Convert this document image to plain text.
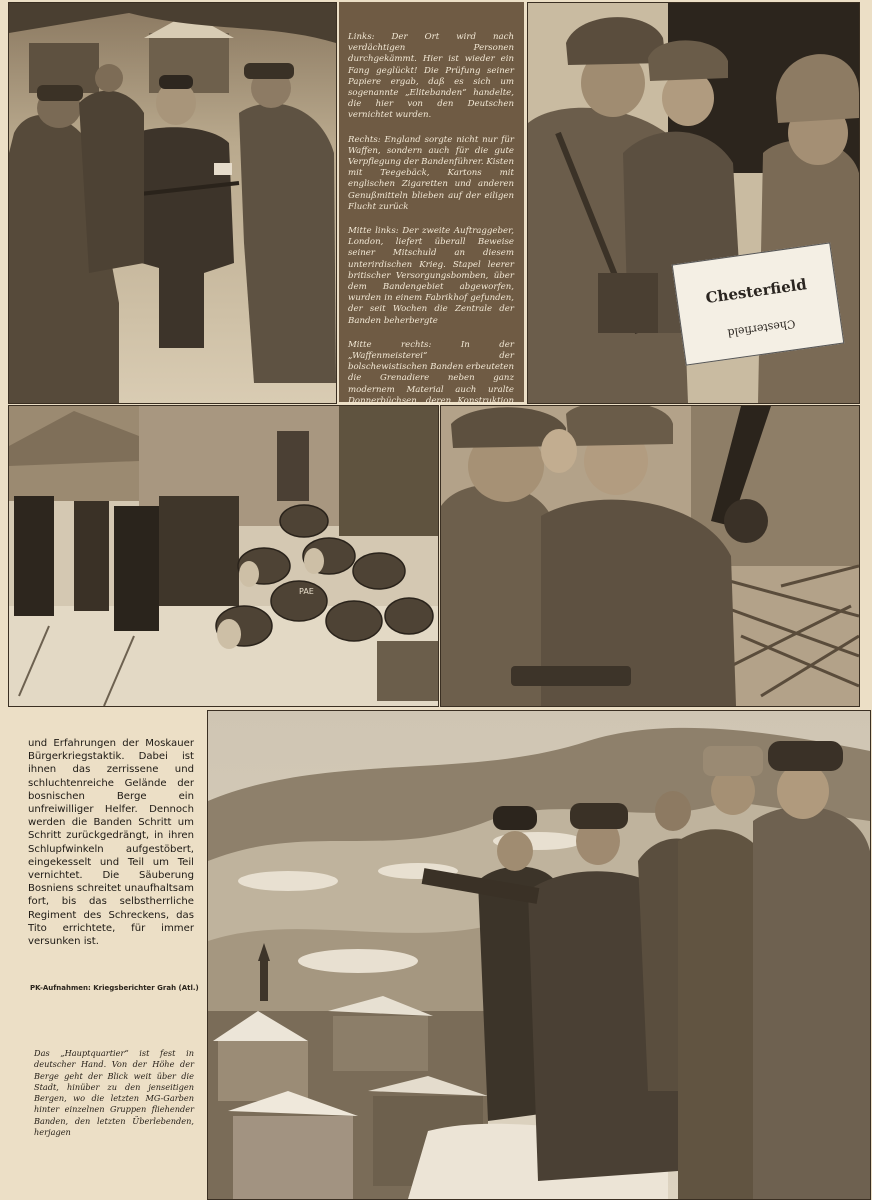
Links: Der Ort wird nach verdächtigen Personen durchgekämmt. Hier ist wieder ein Fang geglückt! Die Prüfung seiner Papiere ergab, daß es sich um sogenannte „Elitebanden“ handelte, die hier von den Deutschen vernichtet wurden.

Rechts: England sorgte nicht nur für Waffen, sondern auch für die gute Verpflegung der Bandenführer. Kisten mit Teegebäck, Kartons mit englischen Zigaretten und anderen Genußmitteln blieben auf der eiligen Flucht zurück

Mitte links: Der zweite Auftraggeber, London, liefert überall Beweise seiner Mitschuld an diesem unterirdischen Krieg. Stapel leerer britischer Versorgungsbomben, über dem Bandengebiet abgeworfen, wurden in einem Fabrikhof gefunden, der seit Wochen die Zentrale der Banden beherbergte

Mitte rechts: In der „Waffenmeisterei“ der bolschewistischen Banden erbeuteten die Grenadiere neben ganz modernem Material auch uralte Donnerbüchsen, deren Konstruktion

Chesterfield
Chesterfield
PAE
und Erfahrungen der Moskauer Bürgerkriegstaktik. Dabei ist ihnen das zerrissene und schluchtenreiche Gelände der bosnischen Berge ein unfreiwilliger Helfer. Dennoch werden die Banden Schritt um Schritt zurückgedrängt, in ihren Schlupfwinkeln aufgestöbert, eingekesselt und Teil um Teil vernichtet. Die Säuberung Bosniens schreitet unaufhaltsam fort, bis das selbstherrliche Regiment des Schreckens, das Tito errichtete, für immer versunken ist.
PK-Aufnahmen: Kriegsberichter Grah (Atl.)
Das „Hauptquartier“ ist fest in deutscher Hand. Von der Höhe der Berge geht der Blick weit über die Stadt, hinüber zu den jenseitigen Bergen, wo die letzten MG-Garben hinter einzelnen Gruppen fliehender Banden, den letzten Überlebenden, herjagen
